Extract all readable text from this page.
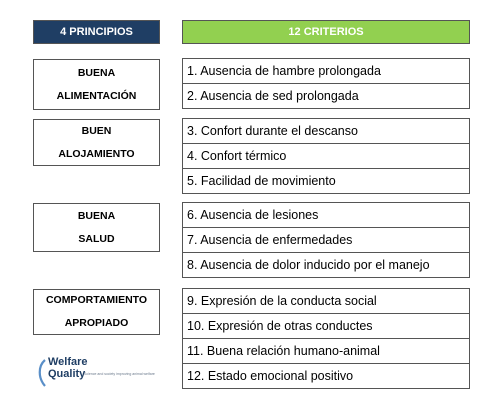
4 PRINCIPIOS	12 CRITERIOS
BUENA
ALIMENTACIÓN
1. Ausencia de hambre prolongada
2. Ausencia de sed prolongada
BUEN
ALOJAMIENTO
3. Confort durante el descanso
4. Confort térmico
5. Facilidad de movimiento
BUENA
SALUD
6. Ausencia de lesiones
7. Ausencia de enfermedades
8. Ausencia de dolor inducido por el manejo
COMPORTAMIENTO
APROPIADO
9. Expresión de la conducta social
10. Expresión de otras conductes
11. Buena relación humano-animal
12. Estado emocional positivo
Welfare
Quality
Science and society improving animal welfare
